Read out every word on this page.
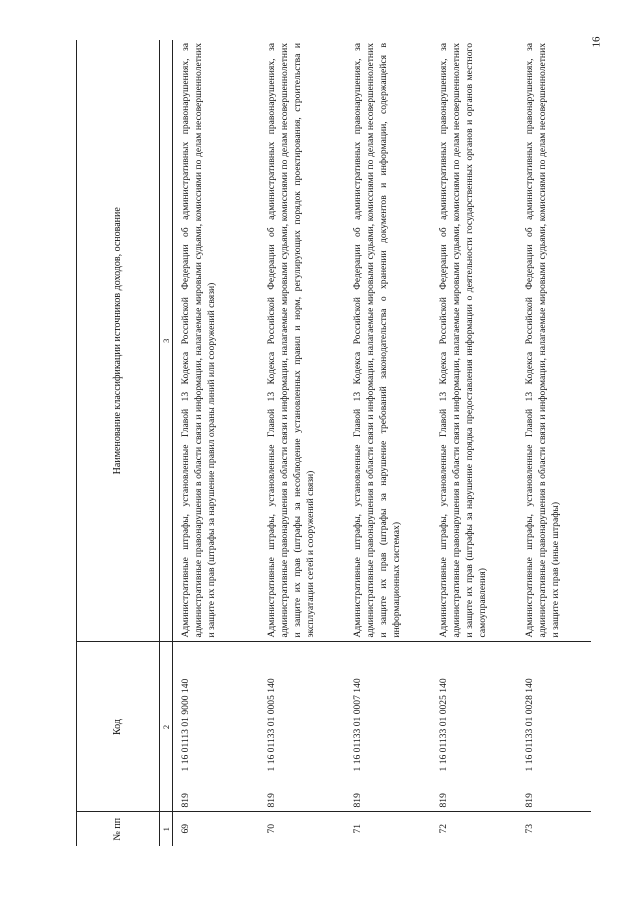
16
№ пп	Код	Наименование классификации источников доходов, основание
1	2	3
69	8191 16 01113 01 9000 140	Административные штрафы, установленные Главой 13 Кодекса Российской Федерации об административных правонарушениях, за административные правонарушения в области связи и информации, налагаемые мировыми судьями, комиссиями по делам несовершеннолетних и защите их прав (штрафы за нарушение правил охраны линий или сооружений связи)
70	8191 16 01133 01 0005 140	Административные штрафы, установленные Главой 13 Кодекса Российской Федерации об административных правонарушениях, за административные правонарушения в области связи и информации, налагаемые мировыми судьями, комиссиями по делам несовершеннолетних и защите их прав (штрафы за несоблюдение установленных правил и норм, регулирующих порядок проектирования, строительства и эксплуатации сетей и сооружений связи)
71	8191 16 01133 01 0007 140	Административные штрафы, установленные Главой 13 Кодекса Российской Федерации об административных правонарушениях, за административные правонарушения в области связи и информации, налагаемые мировыми судьями, комиссиями по делам несовершеннолетних и защите их прав (штрафы за нарушение требований законодательства о хранении документов и информации, содержащейся в информационных системах)
72	8191 16 01133 01 0025 140	Административные штрафы, установленные Главой 13 Кодекса Российской Федерации об административных правонарушениях, за административные правонарушения в области связи и информации, налагаемые мировыми судьями, комиссиями по делам несовершеннолетних и защите их прав (штрафы за нарушение порядка предоставления информации о деятельности государственных органов и органов местного самоуправления)
73	8191 16 01133 01 0028 140	Административные штрафы, установленные Главой 13 Кодекса Российской Федерации об административных правонарушениях, за административные правонарушения в области связи и информации, налагаемые мировыми судьями, комиссиями по делам несовершеннолетних и защите их прав (иные штрафы)
